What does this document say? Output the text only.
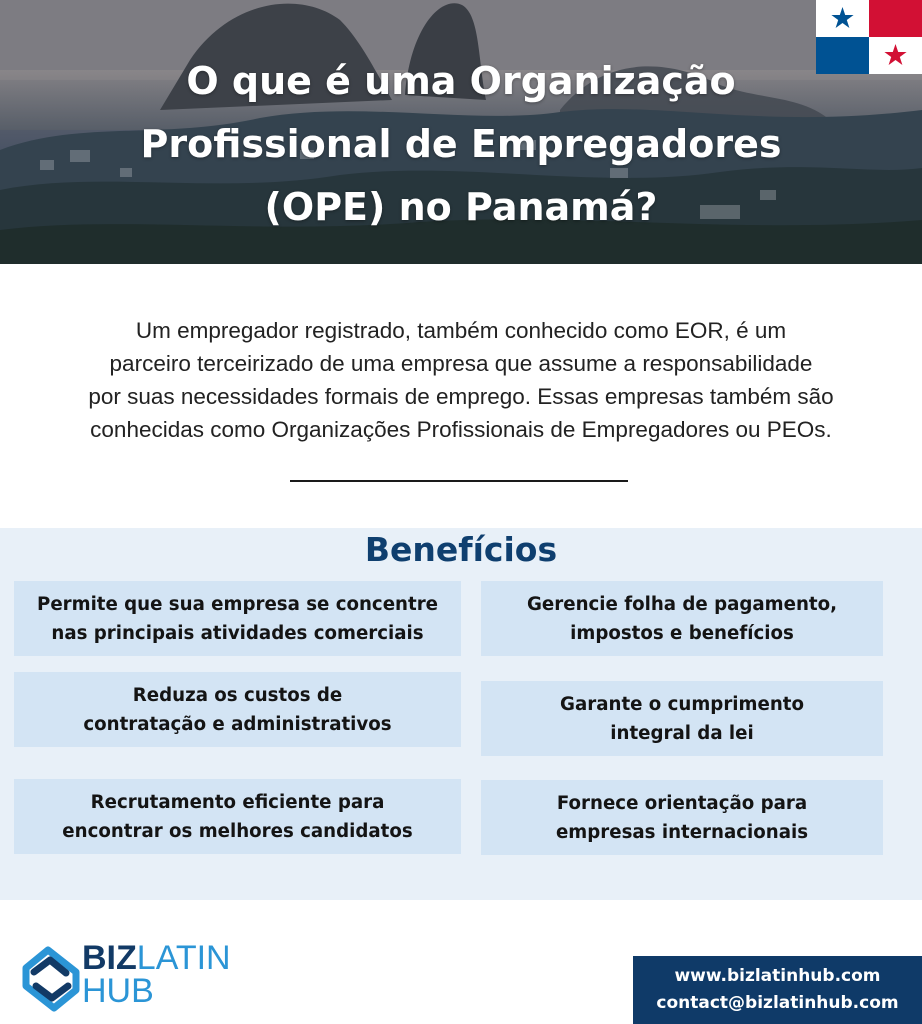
O que é uma Organização
Profissional de Empregadores
(OPE) no Panamá?
Um empregador registrado, também conhecido como EOR, é um
parceiro terceirizado de uma empresa que assume a responsabilidade
por suas necessidades formais de emprego. Essas empresas também são
conhecidas como Organizações Profissionais de Empregadores ou PEOs.
Benefícios
Permite que sua empresa se concentre
nas principais atividades comerciais
Gerencie folha de pagamento,
impostos e benefícios
Reduza os custos de
contratação e administrativos
Garante o cumprimento
integral da lei
Recrutamento eficiente para
encontrar os melhores candidatos
Fornece orientação para
empresas internacionais
BIZLATIN
HUB	www.bizlatinhub.com
contact@bizlatinhub.com
